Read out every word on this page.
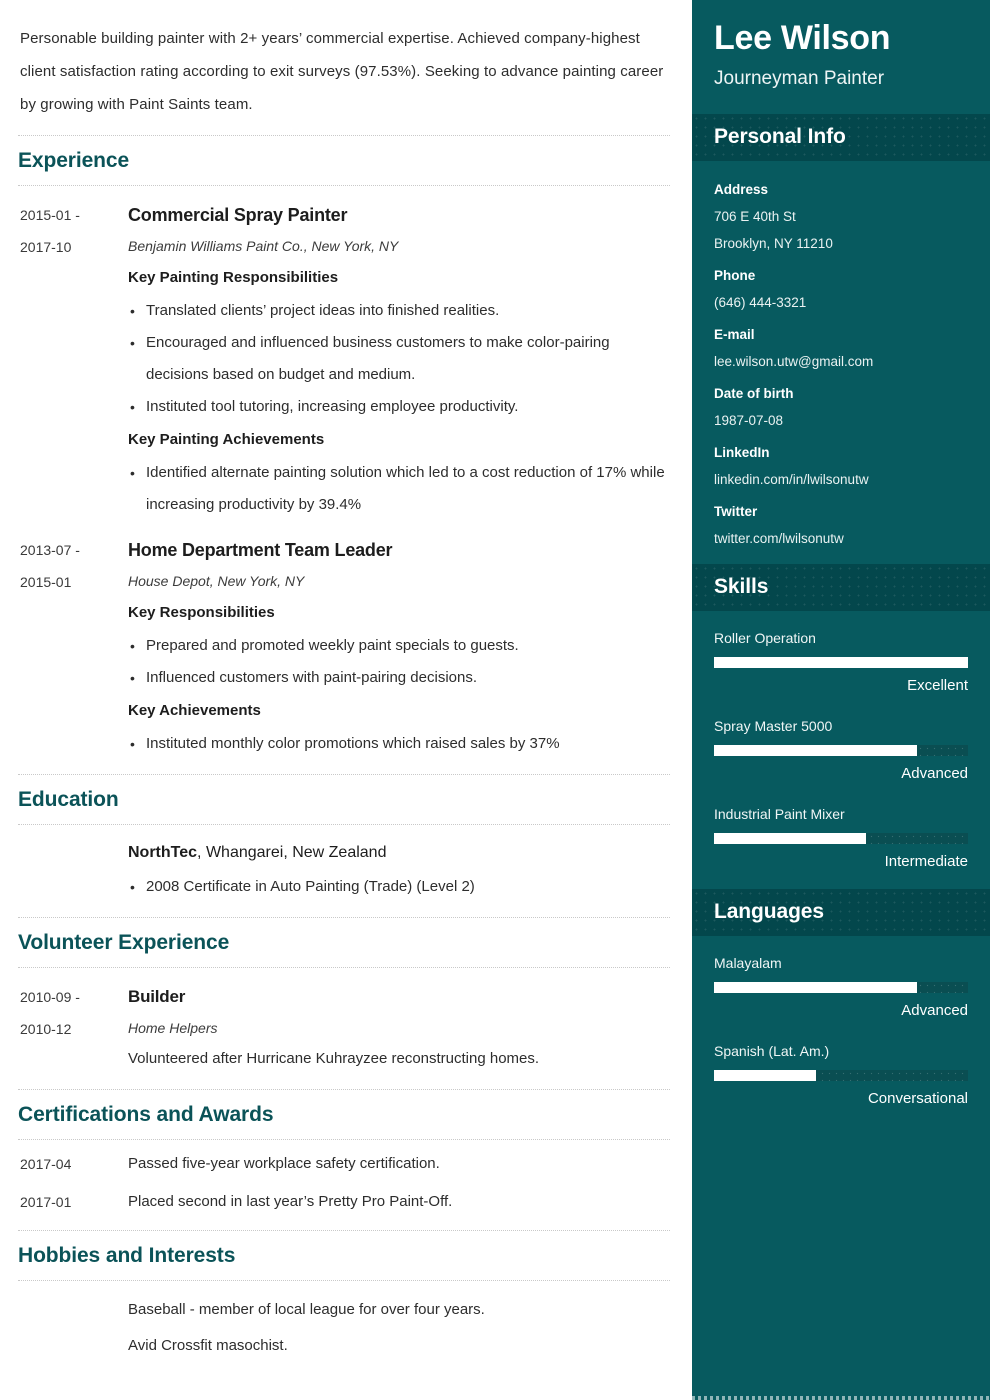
Personable building painter with 2+ years’ commercial expertise. Achieved company-highest client satisfaction rating according to exit surveys (97.53%). Seeking to advance painting career by growing with Paint Saints team.

Experience
2015-01 -
2017-10
Commercial Spray Painter
Benjamin Williams Paint Co., New York, NY
Key Painting Responsibilities
• Translated clients’ project ideas into finished realities.
• Encouraged and influenced business customers to make color-pairing decisions based on budget and medium.
• Instituted tool tutoring, increasing employee productivity.
Key Painting Achievements
• Identified alternate painting solution which led to a cost reduction of 17% while increasing productivity by 39.4%
2013-07 -
2015-01
Home Department Team Leader
House Depot, New York, NY
Key Responsibilities
• Prepared and promoted weekly paint specials to guests.
• Influenced customers with paint-pairing decisions.
Key Achievements
• Instituted monthly color promotions which raised sales by 37%
Education
NorthTec, Whangarei, New Zealand
• 2008 Certificate in Auto Painting (Trade) (Level 2)
Volunteer Experience
2010-09 -
2010-12
Builder
Home Helpers
Volunteered after Hurricane Kuhrayzee reconstructing homes.
Certifications and Awards
2017-04	Passed five-year workplace safety certification.
2017-01	Placed second in last year’s Pretty Pro Paint-Off.
Hobbies and Interests
Baseball - member of local league for over four years.
Avid Crossfit masochist.
Lee Wilson
Journeyman Painter
Personal Info
Address
706 E 40th St
Brooklyn, NY 11210
Phone
(646) 444-3321
E-mail
lee.wilson.utw@gmail.com
Date of birth
1987-07-08
LinkedIn
linkedin.com/in/lwilsonutw
Twitter
twitter.com/lwilsonutw
Skills
Roller Operation
Excellent
Spray Master 5000
Advanced
Industrial Paint Mixer
Intermediate
Languages
Malayalam
Advanced
Spanish (Lat. Am.)
Conversational
